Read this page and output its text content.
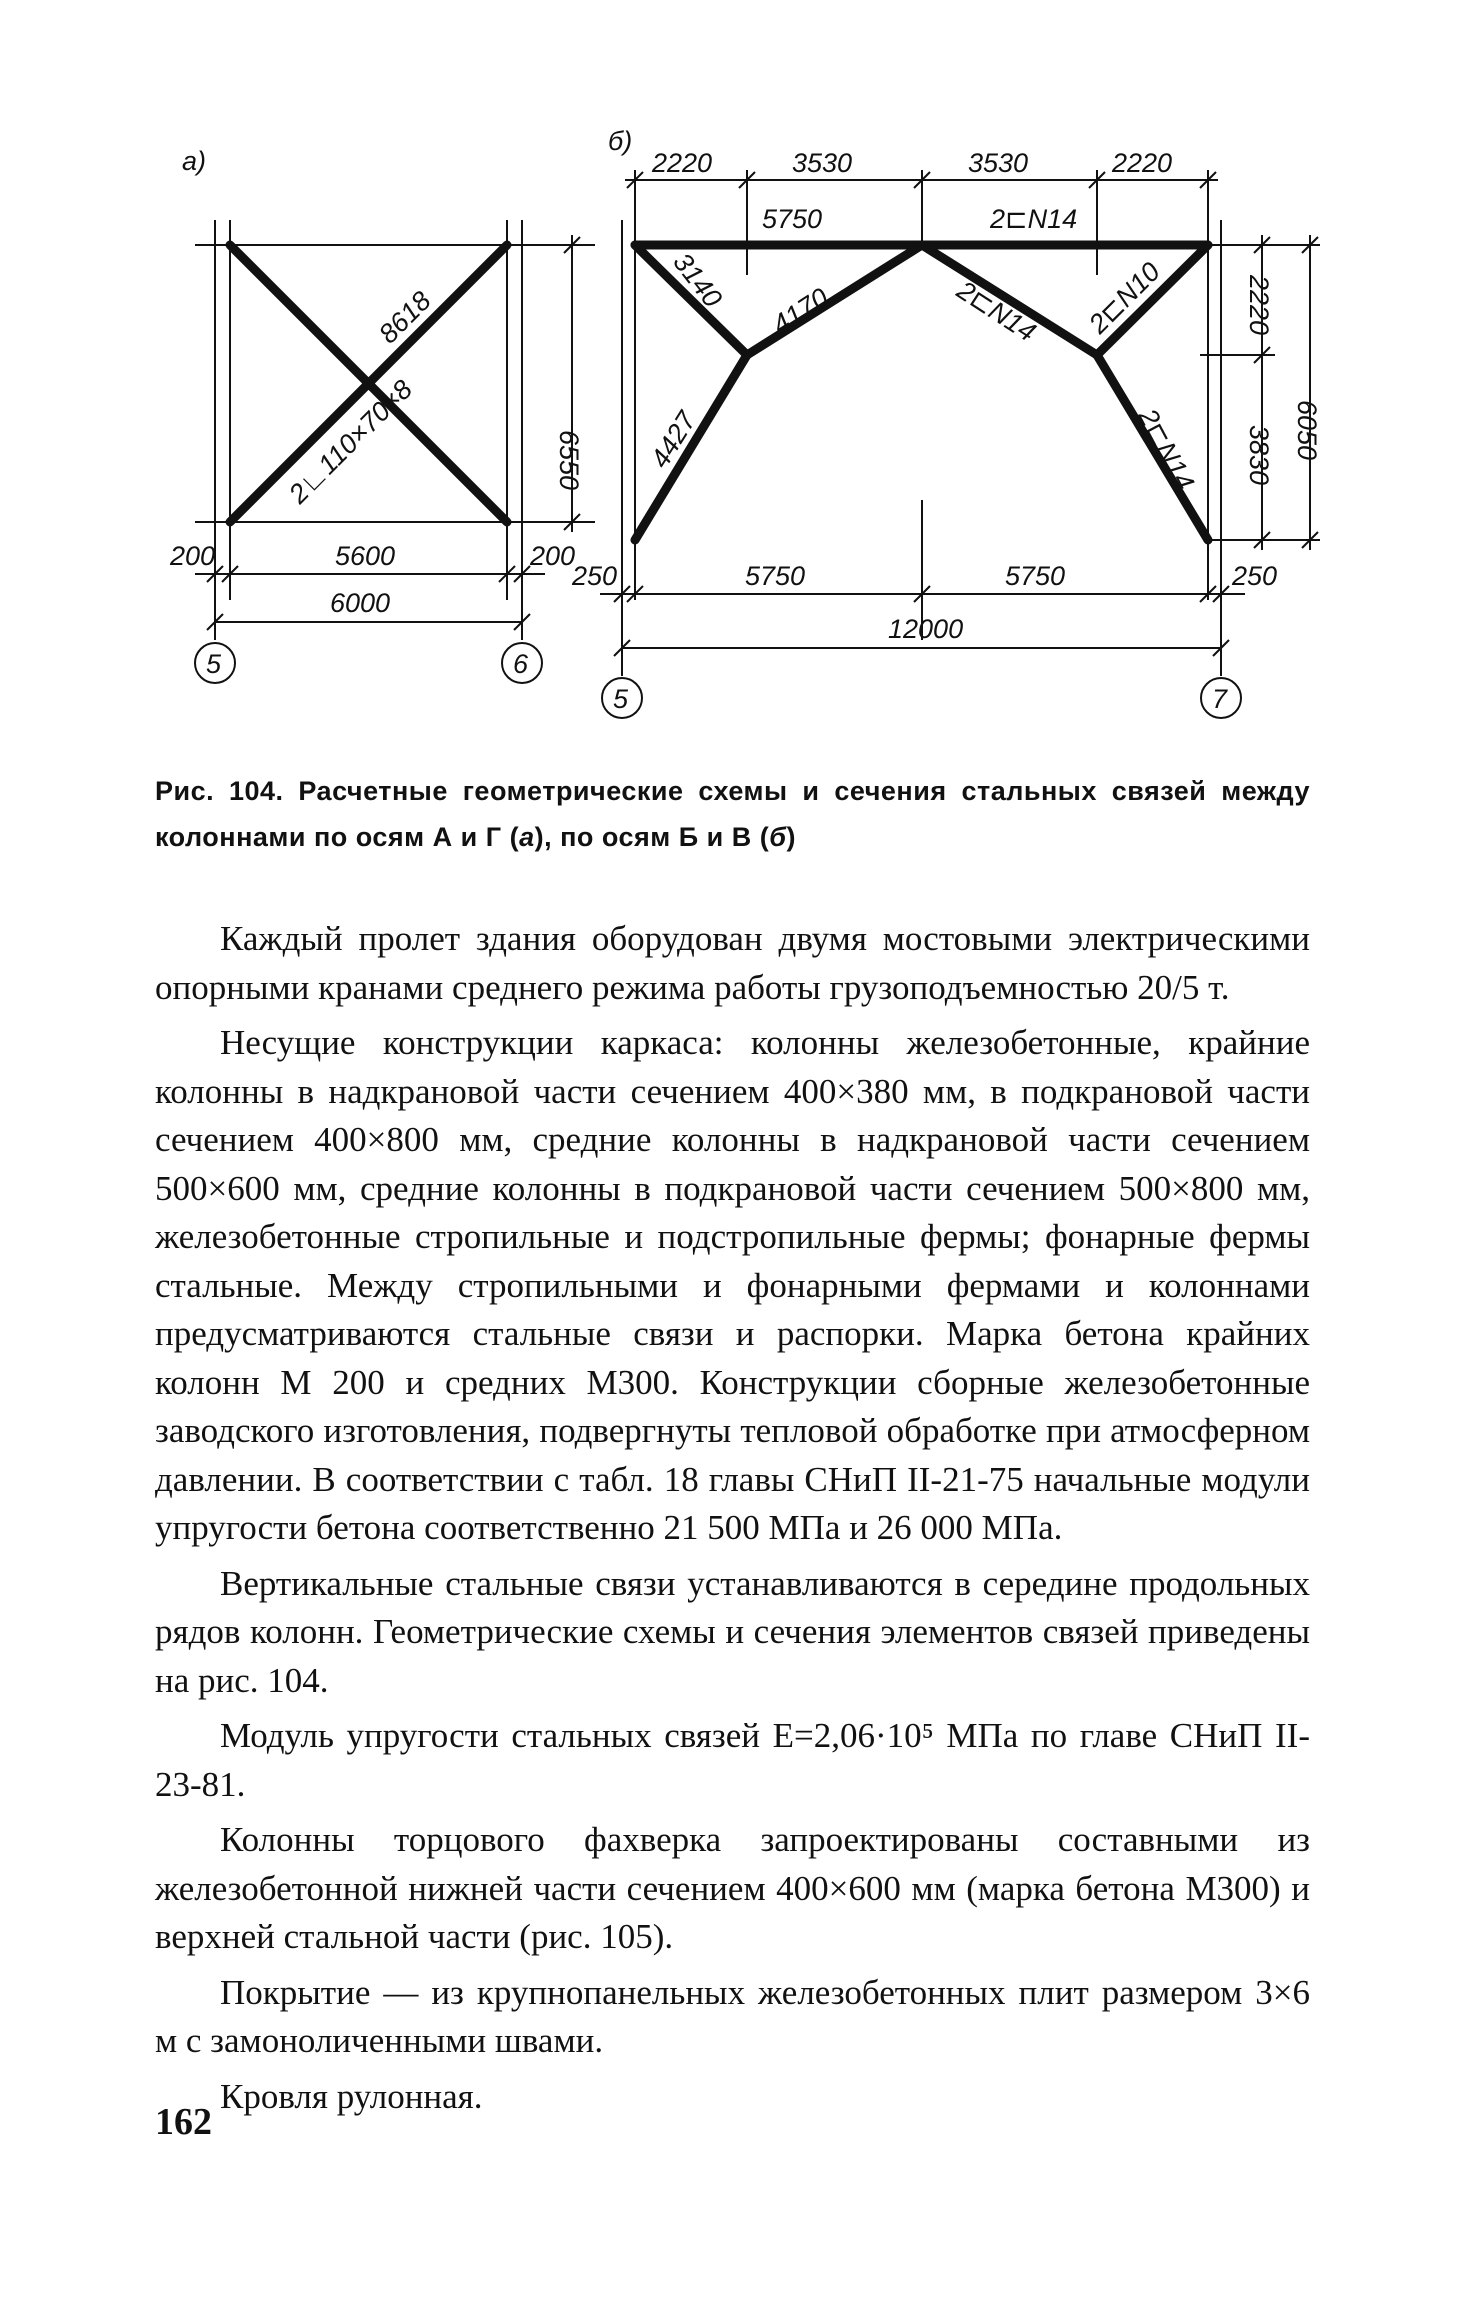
а)
6550
8618
2∟110×70×8
200	5600	200
6000
5	6
б)
2220	3530	3530	2220
5750	2⊏N14
3140 4170
4427
2⊏N14 2⊏N10
2⊏N14
2220
3830 6050
250	5750	5750	250
12000
5	7
Рис. 104. Расчетные геометрические схемы и сечения стальных связей между колоннами по осям А и Г (а), по осям Б и В (б)

Каждый пролет здания оборудован двумя мостовыми электрическими опорными кранами среднего режима работы грузоподъемностью 20/5 т.

Несущие конструкции каркаса: колонны железобетонные, крайние колонны в надкрановой части сечением 400×380 мм, в подкрановой части сечением 400×800 мм, средние колонны в надкрановой части сечением 500×600 мм, средние колонны в подкрановой части сечением 500×800 мм, железобетонные стропильные и подстропильные фермы; фонарные фермы стальные. Между стропильными и фонарными фермами и колоннами предусматриваются стальные связи и распорки. Марка бетона крайних колонн М 200 и средних М300. Конструкции сборные железобетонные заводского изготовления, подвергнуты тепловой обработке при атмосферном давлении. В соответствии с табл. 18 главы СНиП II-21-75 начальные модули упругости бетона соответственно 21 500 МПа и 26 000 МПа.

Вертикальные стальные связи устанавливаются в середине продольных рядов колонн. Геометрические схемы и сечения элементов связей приведены на рис. 104.

Модуль упругости стальных связей E=2,06·10⁵ МПа по главе СНиП II-23-81.

Колонны торцового фахверка запроектированы составными из железобетонной нижней части сечением 400×600 мм (марка бетона М300) и верхней стальной части (рис. 105).

Покрытие — из крупнопанельных железобетонных плит размером 3×6 м с замоноличенными швами.

Кровля рулонная.

162
